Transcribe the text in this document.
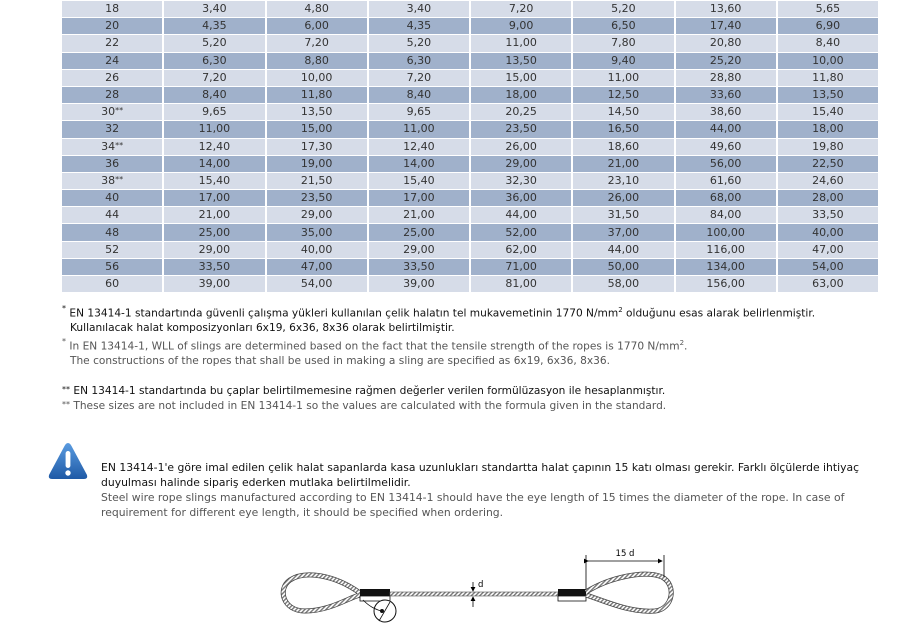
18	3,40	4,80	3,40	7,20	5,20	13,60	5,65
20	4,35	6,00	4,35	9,00	6,50	17,40	6,90
22	5,20	7,20	5,20	11,00	7,80	20,80	8,40
24	6,30	8,80	6,30	13,50	9,40	25,20	10,00
26	7,20	10,00	7,20	15,00	11,00	28,80	11,80
28	8,40	11,80	8,40	18,00	12,50	33,60	13,50
30**	9,65	13,50	9,65	20,25	14,50	38,60	15,40
32	11,00	15,00	11,00	23,50	16,50	44,00	18,00
34**	12,40	17,30	12,40	26,00	18,60	49,60	19,80
36	14,00	19,00	14,00	29,00	21,00	56,00	22,50
38**	15,40	21,50	15,40	32,30	23,10	61,60	24,60
40	17,00	23,50	17,00	36,00	26,00	68,00	28,00
44	21,00	29,00	21,00	44,00	31,50	84,00	33,50
48	25,00	35,00	25,00	52,00	37,00	100,00	40,00
52	29,00	40,00	29,00	62,00	44,00	116,00	47,00
56	33,50	47,00	33,50	71,00	50,00	134,00	54,00
60	39,00	54,00	39,00	81,00	58,00	156,00	63,00
* EN 13414-1 standartında güvenli çalışma yükleri kullanılan çelik halatın tel mukavemetinin 1770 $N/mm^2$ olduğunu esas alarak belirlenmiştir.
Kullanılacak halat komposizyonları 6x19, 6x36, 8x36 olarak belirtilmiştir.
* In EN 13414-1, WLL of slings are determined based on the fact that the tensile strength of the ropes is 1770 $N/mm^2$.
The constructions of the ropes that shall be used in making a sling are specified as 6x19, 6x36, 8x36.
** EN 13414-1 standartında bu çaplar belirtilmemesine rağmen değerler verilen formülüzasyon ile hesaplanmıştır.
** These sizes are not included in EN 13414-1 so the values are calculated with the formula given in the standard.
EN 13414-1'e göre imal edilen çelik halat sapanlarda kasa uzunlukları standartta halat çapının 15 katı olması gerekir. Farklı ölçülerde ihtiyaç
duyulması halinde sipariş ederken mutlaka belirtilmelidir.
Steel wire rope slings manufactured according to EN 13414-1 should have the eye length of 15 times the diameter of the rope. In case of
requirement for different eye length, it should be specified when ordering.
15 d
d
